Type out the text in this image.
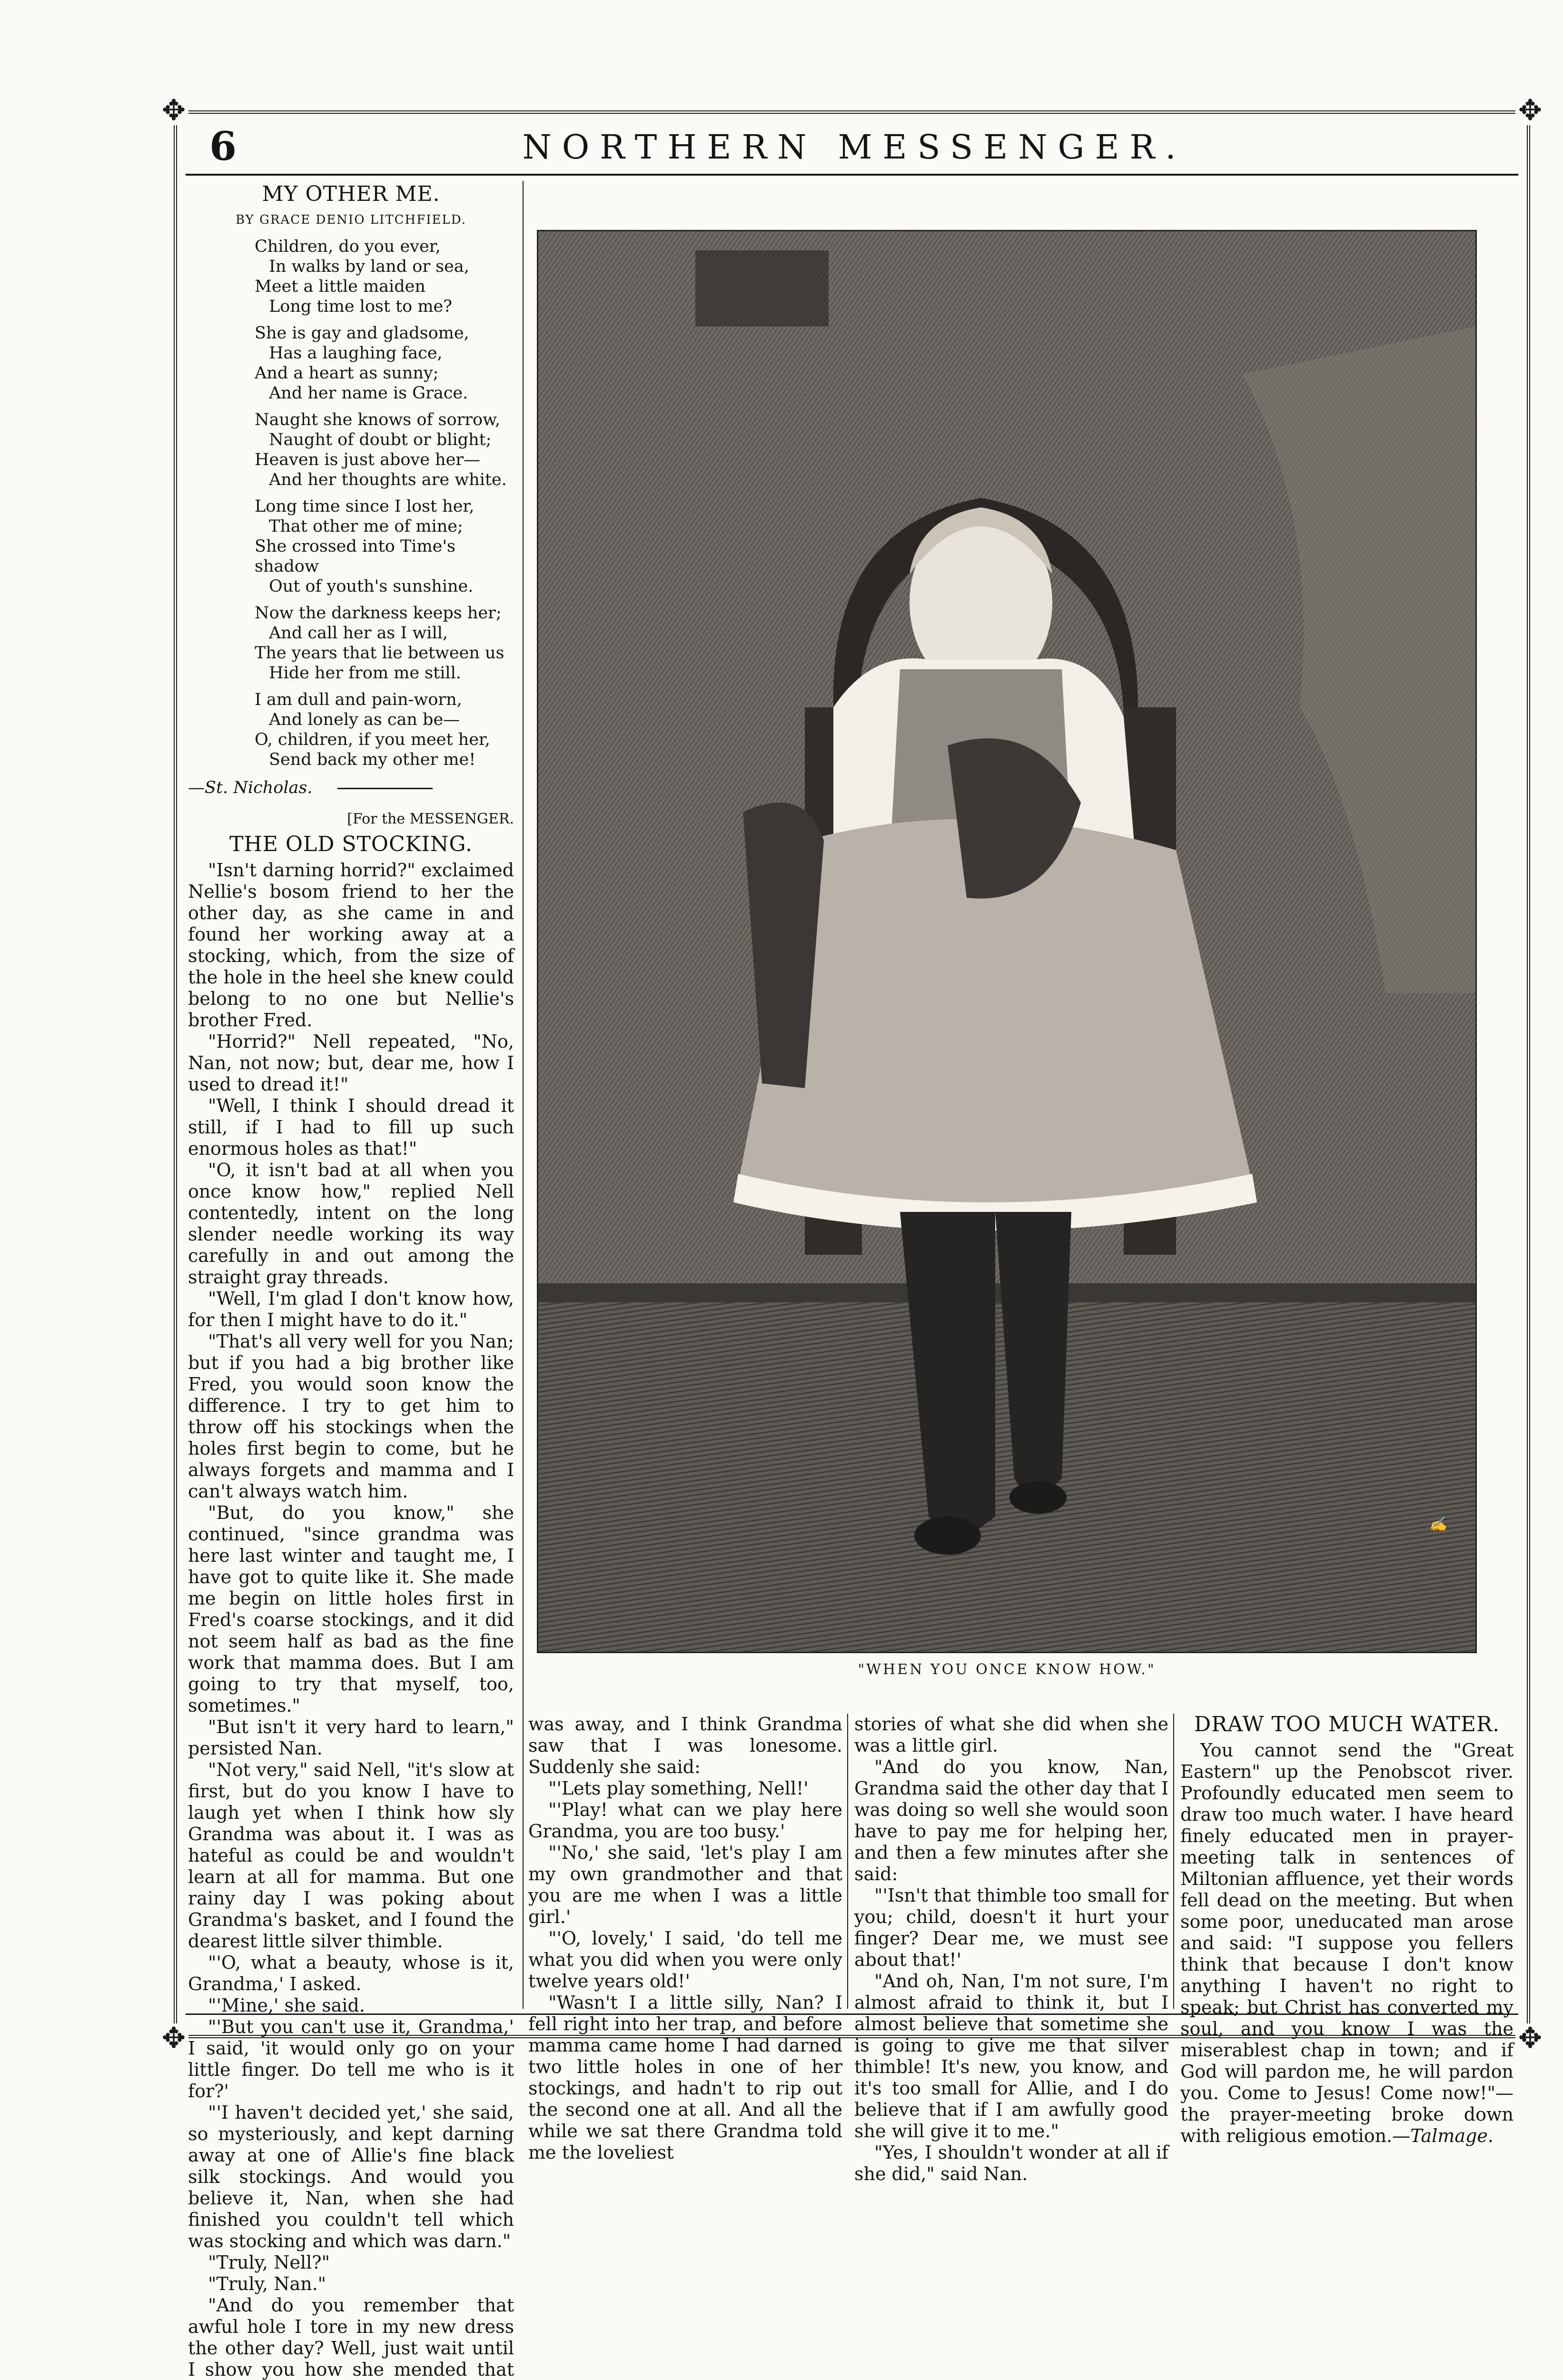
✥	✥
✥	✥
6	NORTHERN MESSENGER.
MY OTHER ME.
BY GRACE DENIO LITCHFIELD.
Children, do you ever,
In walks by land or sea,
Meet a little maiden
Long time lost to me?
She is gay and gladsome,
Has a laughing face,
And a heart as sunny;
And her name is Grace.
Naught she knows of sorrow,
Naught of doubt or blight;
Heaven is just above her—
And her thoughts are white.
Long time since I lost her,
That other me of mine;
She crossed into Time's shadow
Out of youth's sunshine.
Now the darkness keeps her;
And call her as I will,
The years that lie between us
Hide her from me still.
I am dull and pain-worn,
And lonely as can be—
O, children, if you meet her,
Send back my other me!
—St. Nicholas.
[For the MESSENGER.
THE OLD STOCKING.

"Isn't darning horrid?" exclaimed Nellie's bosom friend to her the other day, as she came in and found her working away at a stocking, which, from the size of the hole in the heel she knew could belong to no one but Nellie's brother Fred.

"Horrid?" Nell repeated, "No, Nan, not now; but, dear me, how I used to dread it!"

"Well, I think I should dread it still, if I had to fill up such enormous holes as that!"

"O, it isn't bad at all when you once know how," replied Nell contentedly, intent on the long slender needle working its way carefully in and out among the straight gray threads.

"Well, I'm glad I don't know how, for then I might have to do it."

"That's all very well for you Nan; but if you had a big brother like Fred, you would soon know the difference. I try to get him to throw off his stockings when the holes first begin to come, but he always forgets and mamma and I can't always watch him.

"But, do you know," she continued, "since grandma was here last winter and taught me, I have got to quite like it. She made me begin on little holes first in Fred's coarse stockings, and it did not seem half as bad as the fine work that mamma does. But I am going to try that myself, too, sometimes."

"But isn't it very hard to learn," persisted Nan.

"Not very," said Nell, "it's slow at first, but do you know I have to laugh yet when I think how sly Grandma was about it. I was as hateful as could be and wouldn't learn at all for mamma. But one rainy day I was poking about Grandma's basket, and I found the dearest little silver thimble.

"'O, what a beauty, whose is it, Grandma,' I asked.

"'Mine,' she said.

"'But you can't use it, Grandma,' I said, 'it would only go on your little finger. Do tell me who is it for?'

"'I haven't decided yet,' she said, so mysteriously, and kept darning away at one of Allie's fine black silk stockings. And would you believe it, Nan, when she had finished you couldn't tell which was stocking and which was darn."

"Truly, Nell?"

"Truly, Nan."

"And do you remember that awful hole I tore in my new dress the other day? Well, just wait until I show you how she mended that

✍
"WHEN YOU ONCE KNOW HOW."

was away, and I think Grandma saw that I was lonesome. Suddenly she said:

"'Lets play something, Nell!'

"'Play! what can we play here Grandma, you are too busy.'

"'No,' she said, 'let's play I am my own grandmother and that you are me when I was a little girl.'

"'O, lovely,' I said, 'do tell me what you did when you were only twelve years old!'

"Wasn't I a little silly, Nan? I fell right into her trap, and before mamma came home I had darned two little holes in one of her stockings, and hadn't to rip out the second one at all. And all the while we sat there Grandma told me the loveliest

stories of what she did when she was a little girl.

"And do you know, Nan, Grandma said the other day that I was doing so well she would soon have to pay me for helping her, and then a few minutes after she said:

"'Isn't that thimble too small for you; child, doesn't it hurt your finger? Dear me, we must see about that!'

"And oh, Nan, I'm not sure, I'm almost afraid to think it, but I almost believe that sometime she is going to give me that silver thimble! It's new, you know, and it's too small for Allie, and I do believe that if I am awfully good she will give it to me."

"Yes, I shouldn't wonder at all if she did," said Nan.

DRAW TOO MUCH WATER.

You cannot send the "Great Eastern" up the Penobscot river. Profoundly educated men seem to draw too much water. I have heard finely educated men in prayer-meeting talk in sentences of Miltonian affluence, yet their words fell dead on the meeting. But when some poor, uneducated man arose and said: "I suppose you fellers think that because I don't know anything I haven't no right to speak; but Christ has converted my soul, and you know I was the miserablest chap in town; and if God will pardon me, he will pardon you. Come to Jesus! Come now!"—the prayer-meeting broke down with religious emotion.—Talmage.
